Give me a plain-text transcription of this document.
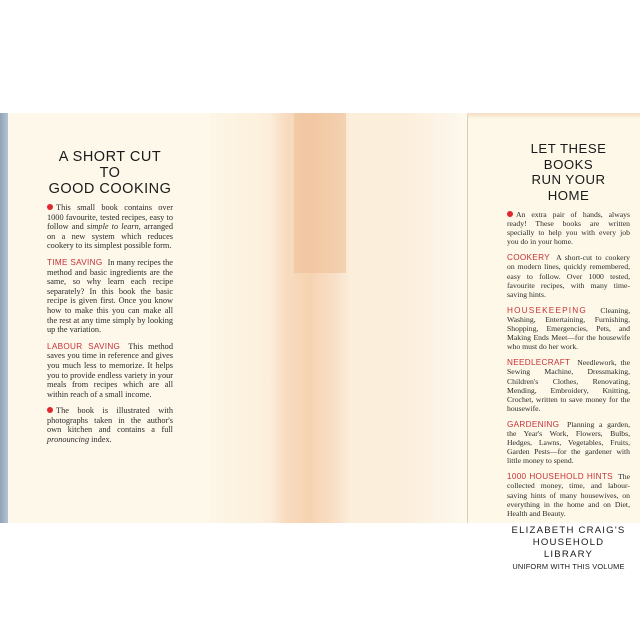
A SHORT CUT
TO
GOOD COOKING

This small book contains over 1000 favourite, tested recipes, easy to follow and simple to learn, arranged on a new system which reduces cookery to its simplest possible form.

TIME SAVING In many recipes the method and basic ingredients are the same, so why learn each recipe separately? In this book the basic recipe is given first. Once you know how to make this you can make all the rest at any time simply by looking up the variation.

LABOUR SAVING This method saves you time in reference and gives you much less to memorize. It helps you to provide endless variety in your meals from recipes which are all within reach of a small income.

The book is illustrated with photographs taken in the author's own kitchen and contains a full pronouncing index.

LET THESE BOOKS
RUN YOUR
HOME

An extra pair of hands, always ready! These books are written specially to help you with every job you do in your home.

COOKERY A short-cut to cookery on modern lines, quickly remembered, easy to follow. Over 1000 tested, favourite recipes, with many time-saving hints.

HOUSEKEEPING Cleaning, Washing, Entertaining, Furnishing, Shopping, Emergencies, Pets, and Making Ends Meet—for the housewife who must do her work.

NEEDLECRAFT Needlework, the Sewing Machine, Dressmaking, Children's Clothes, Renovating, Mending, Embroidery, Knitting, Crochet, written to save money for the housewife.

GARDENING Planning a garden, the Year's Work, Flowers, Bulbs, Hedges, Lawns, Vegetables, Fruits, Garden Pests—for the gardener with little money to spend.

1000 HOUSEHOLD HINTS The collected money, time, and labour-saving hints of many housewives, on everything in the home and on Diet, Health and Beauty.

ELIZABETH CRAIG'S
HOUSEHOLD LIBRARY
UNIFORM WITH THIS VOLUME
